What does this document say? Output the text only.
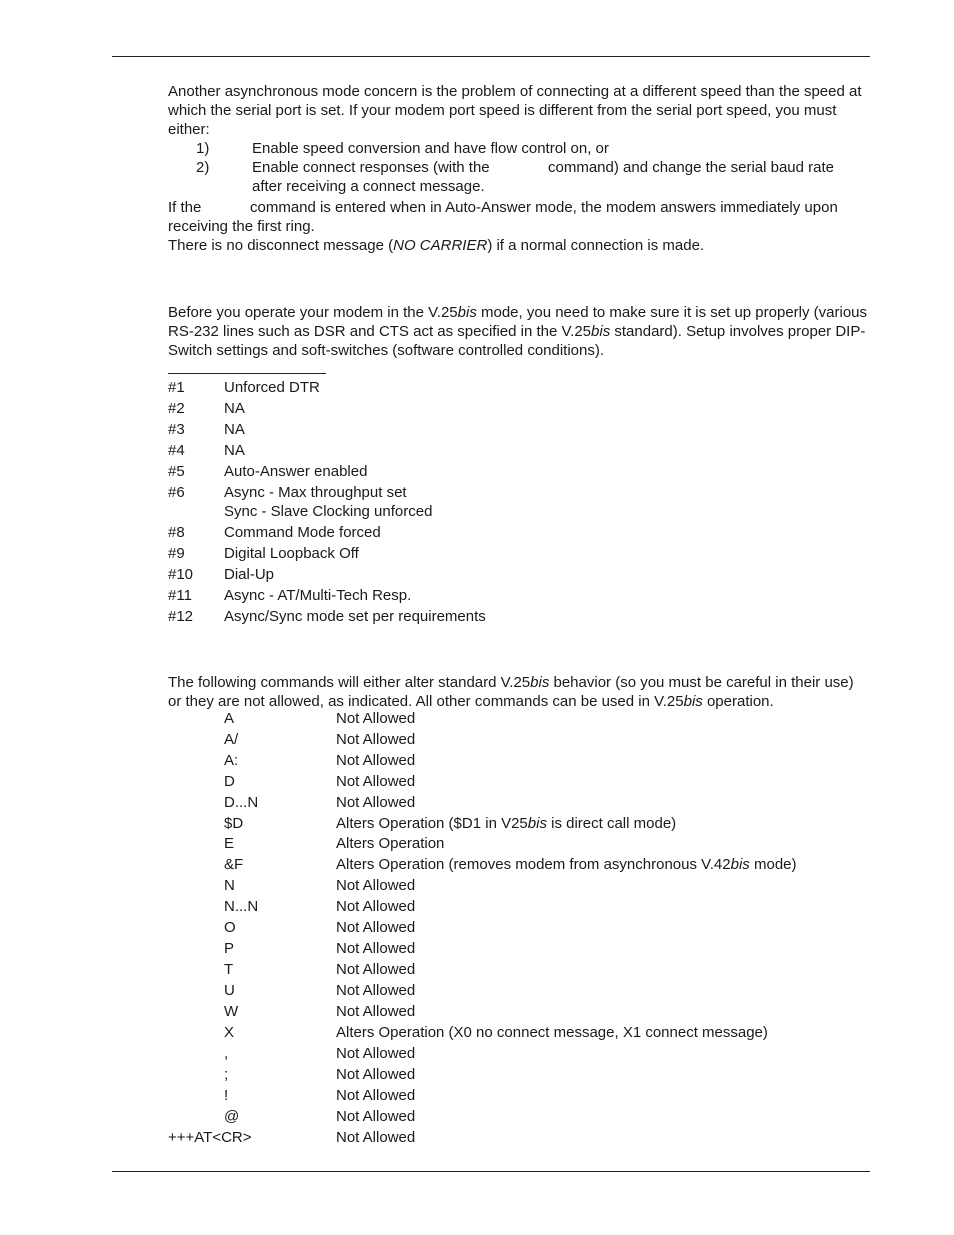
Another asynchronous mode concern is the problem of connecting at a different speed than the speed at which the serial port is set. If your modem port speed is different from the serial port speed, you must either:
1)	Enable speed conversion and have flow control on, or
2)	Enable connect responses (with the	command) and change the serial baud rate
after receiving a connect message.
If the	command is entered when in Auto-Answer mode, the modem answers immediately upon receiving the first ring.
There is no disconnect message (NO CARRIER) if a normal connection is made.
Before you operate your modem in the V.25bis mode, you need to make sure it is set up properly (various RS-232 lines such as DSR and CTS act as specified in the V.25bis standard). Setup involves proper DIP-Switch settings and soft-switches (software controlled conditions).
#1	Unforced DTR
#2	NA
#3	NA
#4	NA
#5	Auto-Answer enabled
#6	Async - Max throughput set
Sync - Slave Clocking unforced
#8	Command Mode forced
#9	Digital Loopback Off
#10 Dial-Up
#11 Async - AT/Multi-Tech Resp.
#12 Async/Sync mode set per requirements
The following commands will either alter standard V.25bis behavior (so you must be careful in their use) or they are not allowed, as indicated. All other commands can be used in V.25bis operation.
A	Not Allowed
A/	Not Allowed
A:	Not Allowed
D	Not Allowed
D...N	Not Allowed
$D	Alters Operation ($D1 in V25bis is direct call mode)
E	Alters Operation
&F	Alters Operation (removes modem from asynchronous V.42bis mode)
N	Not Allowed
N...N	Not Allowed
O	Not Allowed
P	Not Allowed
T	Not Allowed
U	Not Allowed
W	Not Allowed
X	Alters Operation (X0 no connect message, X1 connect message)
,	Not Allowed
;	Not Allowed
!	Not Allowed
@	Not Allowed
+++AT<CR>	Not Allowed
